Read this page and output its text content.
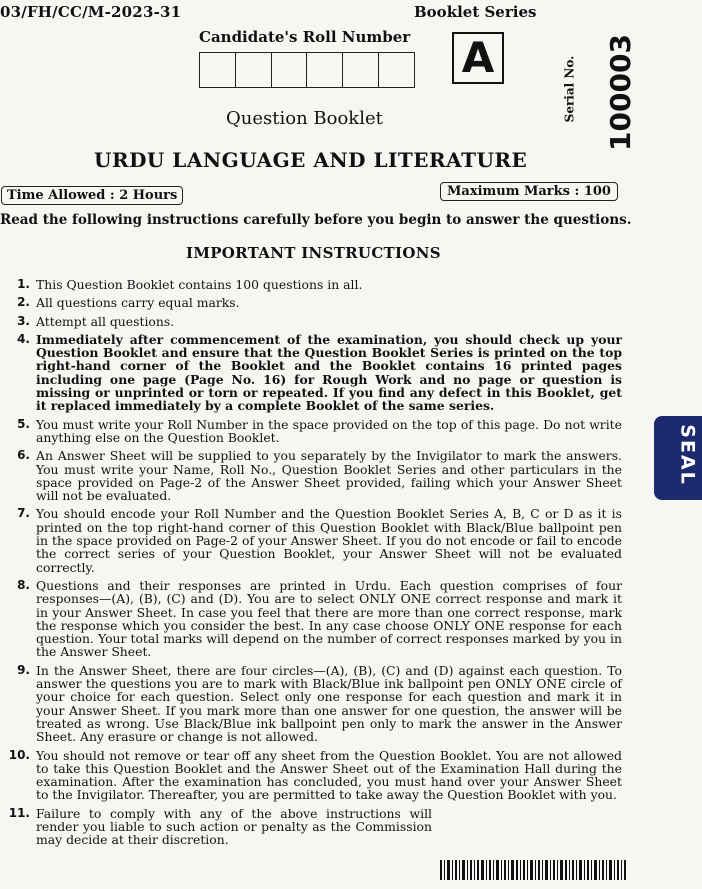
03/FH/CC/M-2023-31	Booklet Series
Candidate's Roll Number A	Serial No. 100003
Question Booklet
URDU LANGUAGE AND LITERATURE
Time Allowed : 2 Hours	Maximum Marks : 100
Read the following instructions carefully before you begin to answer the questions.
IMPORTANT INSTRUCTIONS
1. This Question Booklet contains 100 questions in all.
2. All questions carry equal marks.
3. Attempt all questions.
4. Immediately after commencement of the examination, you should check up your Question Booklet and ensure that the Question Booklet Series is printed on the top right-hand corner of the Booklet and the Booklet contains 16 printed pages including one page (Page No. 16) for Rough Work and no page or question is missing or unprinted or torn or repeated. If you find any defect in this Booklet, get it replaced immediately by a complete Booklet of the same series.
5. You must write your Roll Number in the space provided on the top of this page. Do not write anything else on the Question Booklet.
6. An Answer Sheet will be supplied to you separately by the Invigilator to mark the answers. You must write your Name, Roll No., Question Booklet Series and other particulars in the space provided on Page-2 of the Answer Sheet provided, failing which your Answer Sheet will not be evaluated.
7. You should encode your Roll Number and the Question Booklet Series A, B, C or D as it is printed on the top right-hand corner of this Question Booklet with Black/Blue ballpoint pen in the space provided on Page-2 of your Answer Sheet. If you do not encode or fail to encode the correct series of your Question Booklet, your Answer Sheet will not be evaluated correctly.
8. Questions and their responses are printed in Urdu. Each question comprises of four responses—(A), (B), (C) and (D). You are to select ONLY ONE correct response and mark it in your Answer Sheet. In case you feel that there are more than one correct response, mark the response which you consider the best. In any case choose ONLY ONE response for each question. Your total marks will depend on the number of correct responses marked by you in the Answer Sheet.
9. In the Answer Sheet, there are four circles—(A), (B), (C) and (D) against each question. To answer the questions you are to mark with Black/Blue ink ballpoint pen ONLY ONE circle of your choice for each question. Select only one response for each question and mark it in your Answer Sheet. If you mark more than one answer for one question, the answer will be treated as wrong. Use Black/Blue ink ballpoint pen only to mark the answer in the Answer Sheet. Any erasure or change is not allowed.
10. You should not remove or tear off any sheet from the Question Booklet. You are not allowed to take this Question Booklet and the Answer Sheet out of the Examination Hall during the examination. After the examination has concluded, you must hand over your Answer Sheet to the Invigilator. Thereafter, you are permitted to take away the Question Booklet with you.
11. Failure to comply with any of the above instructions will render you liable to such action or penalty as the Commission may decide at their discretion.
SEAL
